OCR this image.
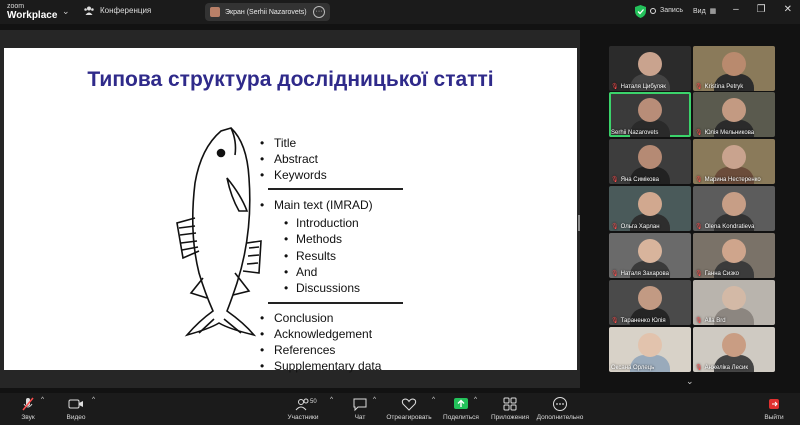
zoom
Workplace ⌄	Конференция	Экран (Serhii Nazarovets)	···	Запись Вид  ▦ – ❐ ✕
Типова структура дослідницької статті
• Title
• Abstract
• Keywords
• Main text (IMRAD)
• Introduction
• Methods
• Results
• And
• Discussions
• Conclusion
• Acknowledgement
• References
• Supplementary data
🎙 Наталя Цибуляк	🎙 Kristina Petryk
Serhii Nazarovets	🎙 Юлія Мельникова
🎙 Яна Симікова	🎙 Марина Нестеренко
🎙 Ольга Харлан	🎙 Olena Kondratieva
🎙 Наталя Захарова	🎙 Ганна Сизко
🎙 Тараненко Юлія	🎙 Alla Brd
Оксана Орлець	🎙 Анжеліка Лесик
⌄
Звук
^
Видео
^
Участники
50 ^
Чат
^
Отреагировать
^
Поделиться
^
Приложения Дополнительно	Выйти
